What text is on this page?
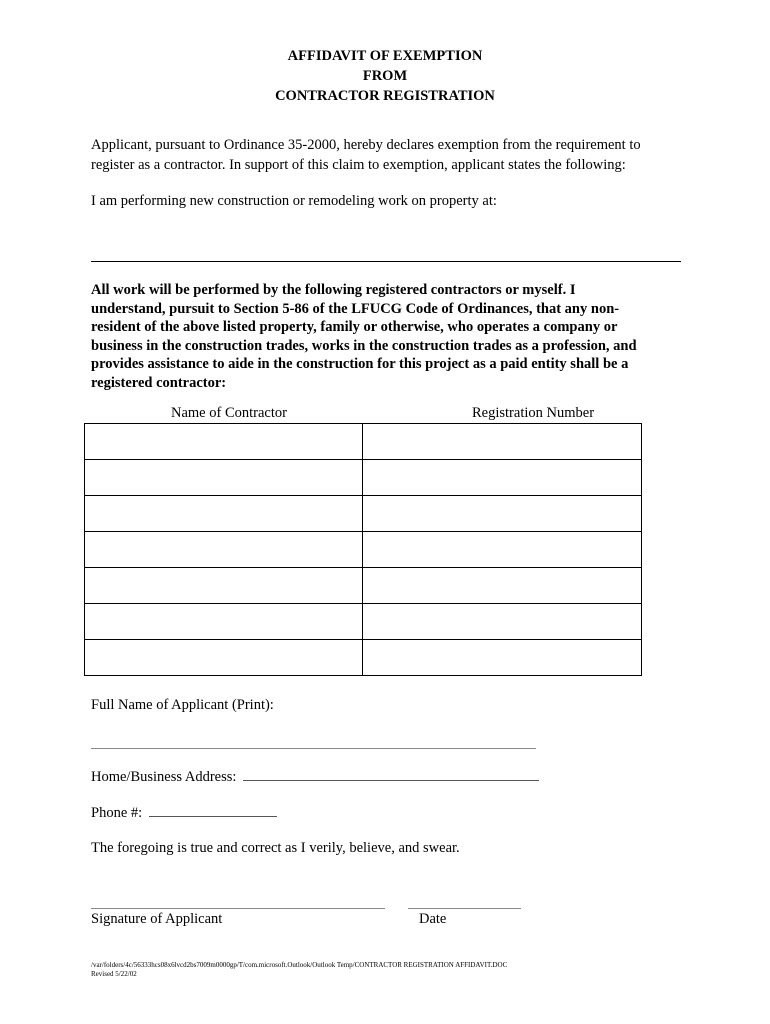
AFFIDAVIT OF EXEMPTION
FROM
CONTRACTOR REGISTRATION
Applicant, pursuant to Ordinance 35-2000, hereby declares exemption from the requirement to
register as a contractor. In support of this claim to exemption, applicant states the following:
I am performing new construction or remodeling work on property at:
All work will be performed by the following registered contractors or myself. I
understand, pursuit to Section 5-86 of the LFUCG Code of Ordinances, that any non-
resident of the above listed property, family or otherwise, who operates a company or
business in the construction trades, works in the construction trades as a profession, and
provides assistance to aide in the construction for this project as a paid entity shall be a
registered contractor:
Name of Contractor	Registration Number

Full Name of Applicant (Print):
Home/Business Address:
Phone #:
The foregoing is true and correct as I verily, believe, and swear.
Signature of Applicant	Date
/var/folders/4c/56333hcs08x6lvcd2bs7009m0000gp/T/com.microsoft.Outlook/Outlook Temp/CONTRACTOR REGISTRATION AFFIDAVIT.DOC
Revised 5/22/02
